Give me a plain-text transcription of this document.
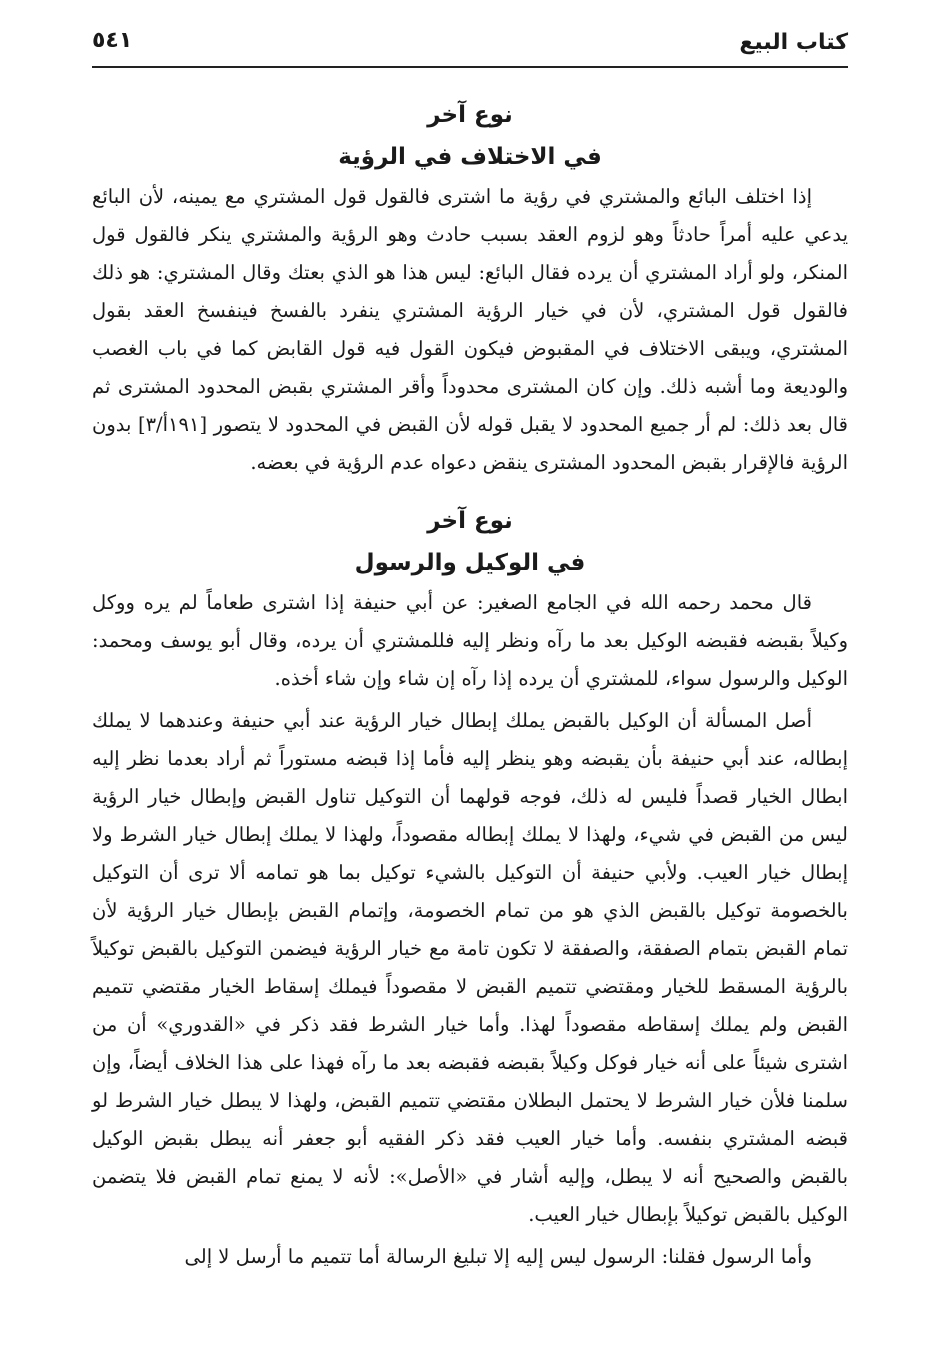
كتاب البيع
٥٤١
نوع آخر
في الاختلاف في الرؤية

إذا اختلف البائع والمشتري في رؤية ما اشترى فالقول قول المشتري مع يمينه، لأن البائع يدعي عليه أمراً حادثاً وهو لزوم العقد بسبب حادث وهو الرؤية والمشتري ينكر فالقول قول المنكر، ولو أراد المشتري أن يرده فقال البائع: ليس هذا هو الذي بعتك وقال المشتري: هو ذلك فالقول قول المشتري، لأن في خيار الرؤية المشتري ينفرد بالفسخ فينفسخ العقد بقول المشتري، ويبقى الاختلاف في المقبوض فيكون القول فيه قول القابض كما في باب الغصب والوديعة وما أشبه ذلك. وإن كان المشترى محدوداً وأقر المشتري بقبض المحدود المشترى ثم قال بعد ذلك: لم أر جميع المحدود لا يقبل قوله لأن القبض في المحدود لا يتصور [١٩١أ/٣] بدون الرؤية فالإقرار بقبض المحدود المشترى ينقض دعواه عدم الرؤية في بعضه.

نوع آخر
في الوكيل والرسول

قال محمد رحمه الله في الجامع الصغير: عن أبي حنيفة إذا اشترى طعاماً لم يره ووكل وكيلاً بقبضه فقبضه الوكيل بعد ما رآه ونظر إليه فللمشتري أن يرده، وقال أبو يوسف ومحمد: الوكيل والرسول سواء، للمشتري أن يرده إذا رآه إن شاء وإن شاء أخذه.

أصل المسألة أن الوكيل بالقبض يملك إبطال خيار الرؤية عند أبي حنيفة وعندهما لا يملك إبطاله، عند أبي حنيفة بأن يقبضه وهو ينظر إليه فأما إذا قبضه مستوراً ثم أراد بعدما نظر إليه ابطال الخيار قصداً فليس له ذلك، فوجه قولهما أن التوكيل تناول القبض وإبطال خيار الرؤية ليس من القبض في شيء، ولهذا لا يملك إبطاله مقصوداً، ولهذا لا يملك إبطال خيار الشرط ولا إبطال خيار العيب. ولأبي حنيفة أن التوكيل بالشيء توكيل بما هو تمامه ألا ترى أن التوكيل بالخصومة توكيل بالقبض الذي هو من تمام الخصومة، وإتمام القبض بإبطال خيار الرؤية لأن تمام القبض بتمام الصفقة، والصفقة لا تكون تامة مع خيار الرؤية فيضمن التوكيل بالقبض توكيلاً بالرؤية المسقط للخيار ومقتضي تتميم القبض لا مقصوداً فيملك إسقاط الخيار مقتضي تتميم القبض ولم يملك إسقاطه مقصوداً لهذا. وأما خيار الشرط فقد ذكر في «القدوري» أن من اشترى شيئاً على أنه خيار فوكل وكيلاً بقبضه فقبضه بعد ما رآه فهذا على هذا الخلاف أيضاً، وإن سلمنا فلأن خيار الشرط لا يحتمل البطلان مقتضي تتميم القبض، ولهذا لا يبطل خيار الشرط لو قبضه المشتري بنفسه. وأما خيار العيب فقد ذكر الفقيه أبو جعفر أنه يبطل بقبض الوكيل بالقبض والصحيح أنه لا يبطل، وإليه أشار في «الأصل»: لأنه لا يمنع تمام القبض فلا يتضمن الوكيل بالقبض توكيلاً بإبطال خيار العيب.

وأما الرسول فقلنا: الرسول ليس إليه إلا تبليغ الرسالة أما تتميم ما أرسل لا إلى
